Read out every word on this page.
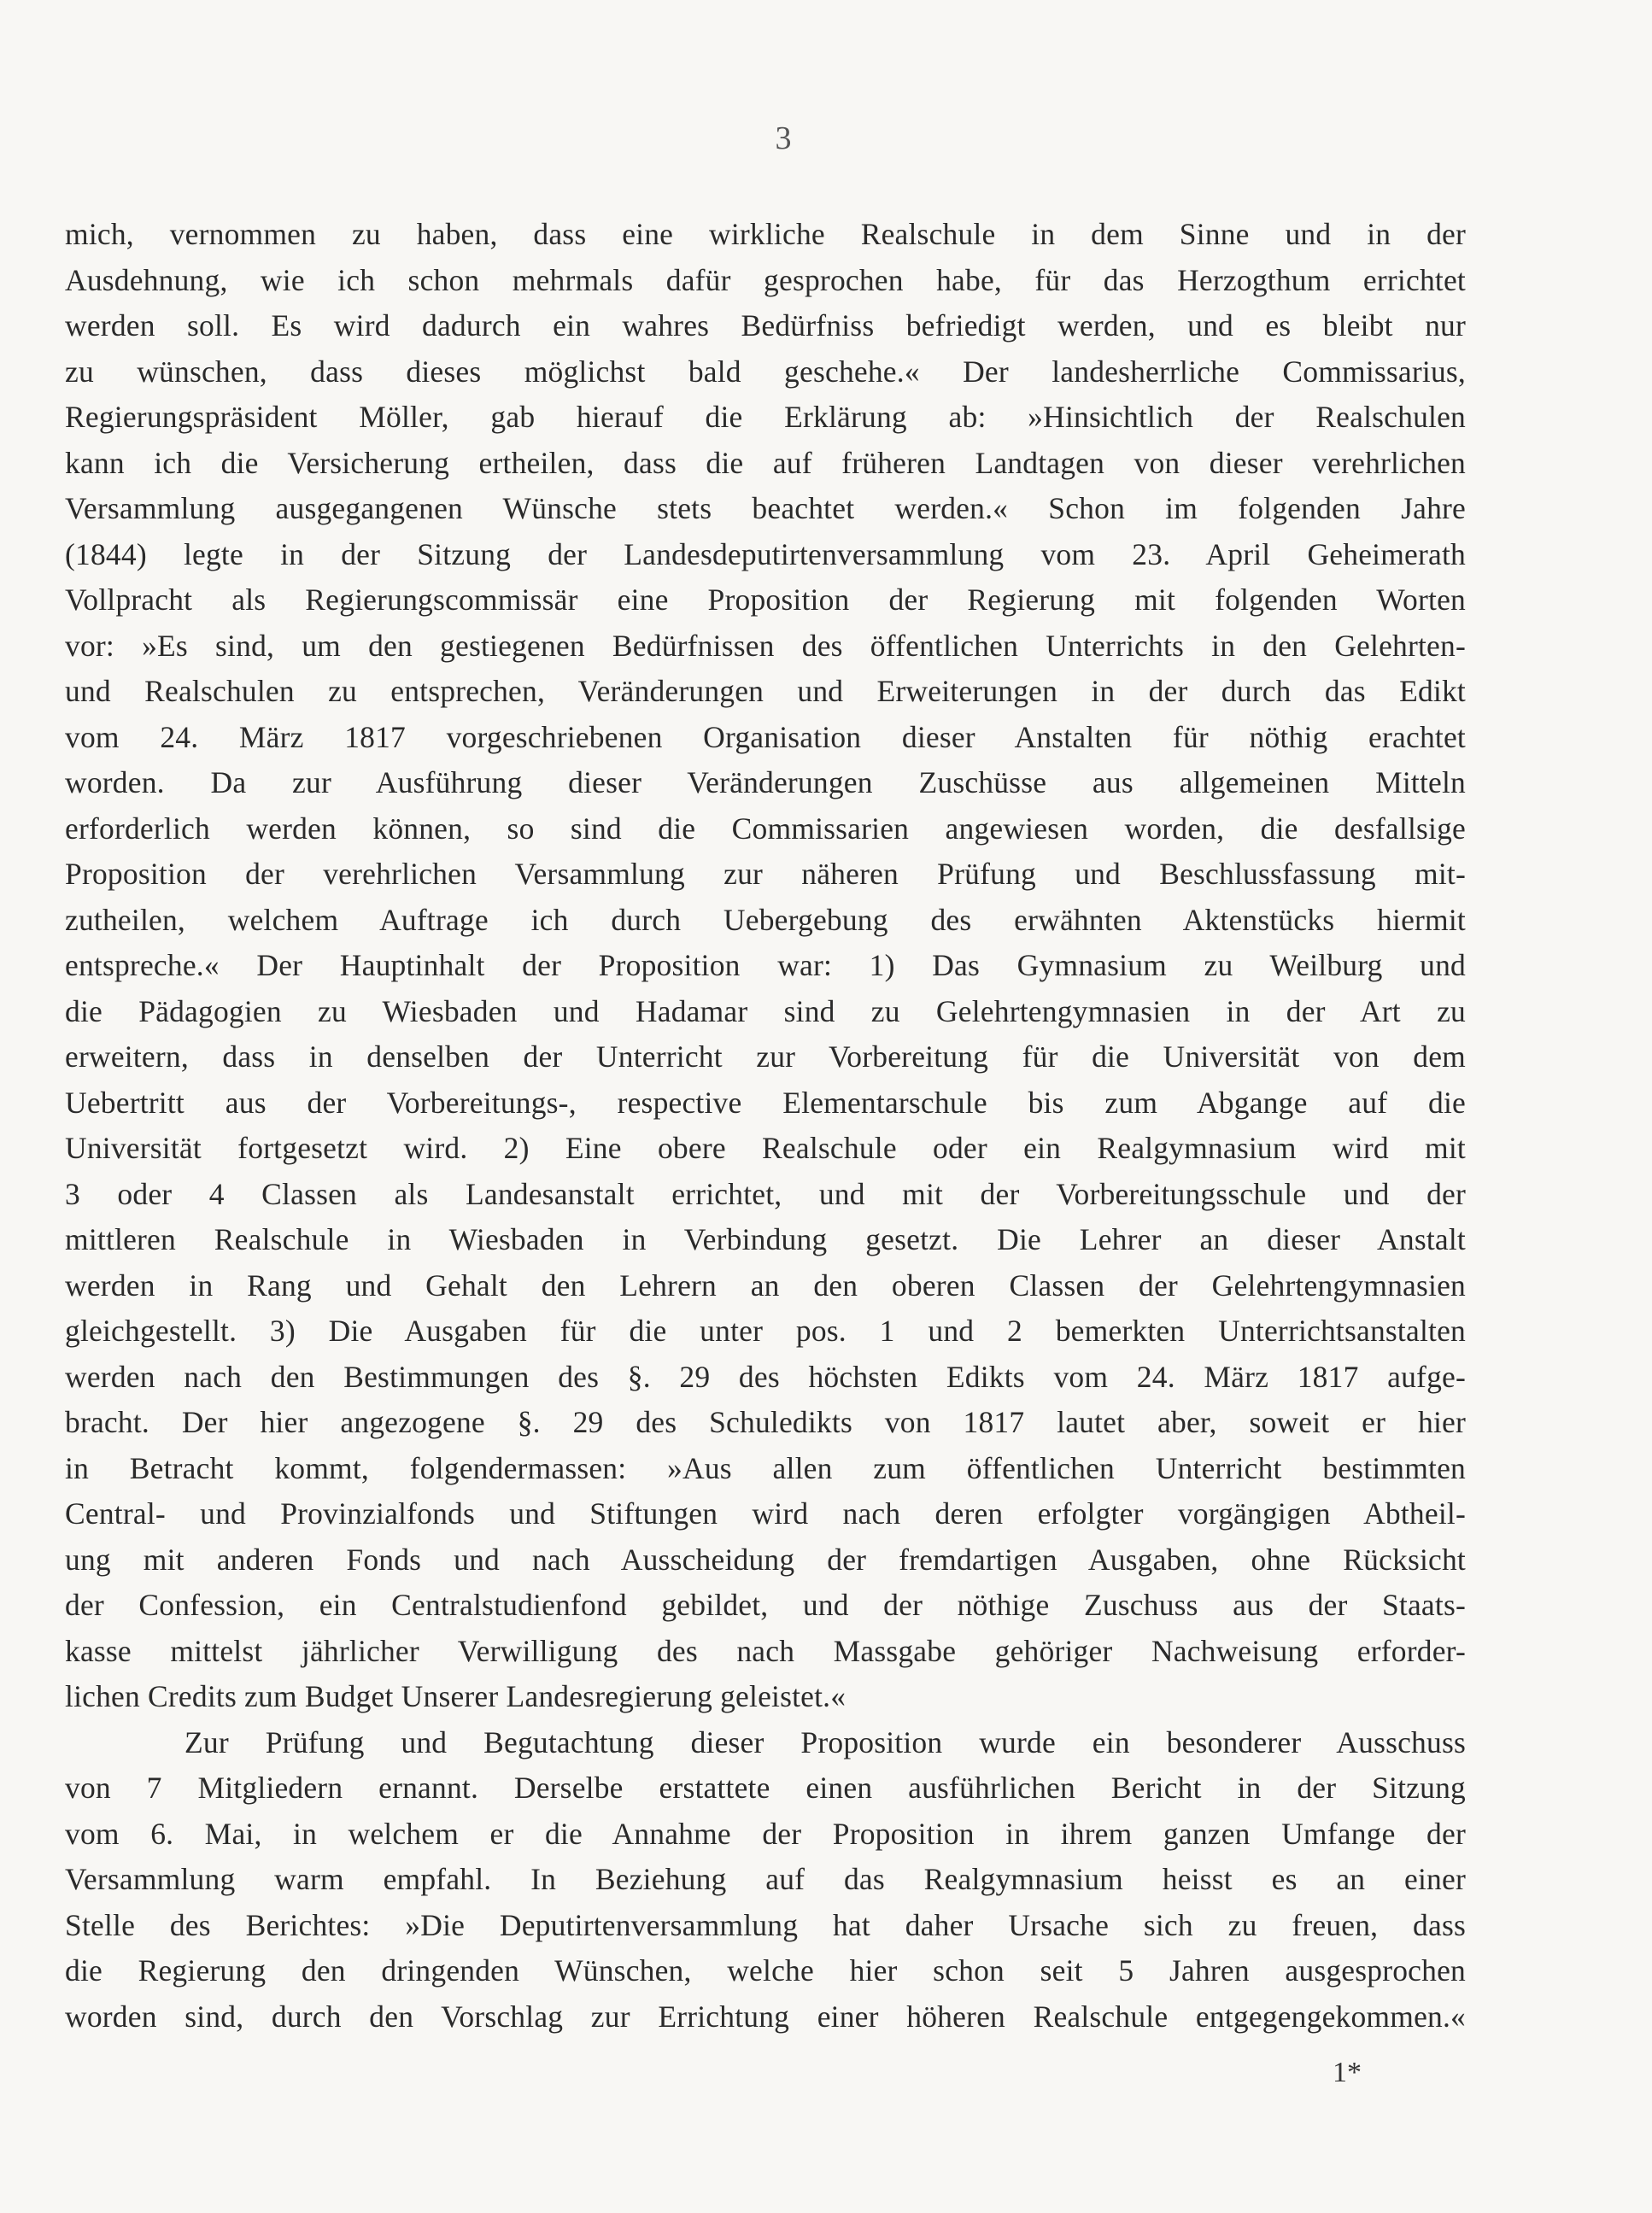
3
mich, vernommen zu haben, dass eine wirkliche Realschule in dem Sinne und in der
Ausdehnung, wie ich schon mehrmals dafür gesprochen habe, für das Herzogthum errichtet
werden soll. Es wird dadurch ein wahres Bedürfniss befriedigt werden, und es bleibt nur
zu wünschen, dass dieses möglichst bald geschehe.« Der landesherrliche Commissarius,
Regierungspräsident Möller, gab hierauf die Erklärung ab: »Hinsichtlich der Realschulen
kann ich die Versicherung ertheilen, dass die auf früheren Landtagen von dieser verehrlichen
Versammlung ausgegangenen Wünsche stets beachtet werden.« Schon im folgenden Jahre
(1844) legte in der Sitzung der Landesdeputirtenversammlung vom 23. April Geheimerath
Vollpracht als Regierungscommissär eine Proposition der Regierung mit folgenden Worten
vor: »Es sind, um den gestiegenen Bedürfnissen des öffentlichen Unterrichts in den Gelehrten-
und Realschulen zu entsprechen, Veränderungen und Erweiterungen in der durch das Edikt
vom 24. März 1817 vorgeschriebenen Organisation dieser Anstalten für nöthig erachtet
worden. Da zur Ausführung dieser Veränderungen Zuschüsse aus allgemeinen Mitteln
erforderlich werden können, so sind die Commissarien angewiesen worden, die desfallsige
Proposition der verehrlichen Versammlung zur näheren Prüfung und Beschlussfassung mit-
zutheilen, welchem Auftrage ich durch Uebergebung des erwähnten Aktenstücks hiermit
entspreche.« Der Hauptinhalt der Proposition war: 1) Das Gymnasium zu Weilburg und
die Pädagogien zu Wiesbaden und Hadamar sind zu Gelehrtengymnasien in der Art zu
erweitern, dass in denselben der Unterricht zur Vorbereitung für die Universität von dem
Uebertritt aus der Vorbereitungs-, respective Elementarschule bis zum Abgange auf die
Universität fortgesetzt wird. 2) Eine obere Realschule oder ein Realgymnasium wird mit
3 oder 4 Classen als Landesanstalt errichtet, und mit der Vorbereitungsschule und der
mittleren Realschule in Wiesbaden in Verbindung gesetzt. Die Lehrer an dieser Anstalt
werden in Rang und Gehalt den Lehrern an den oberen Classen der Gelehrtengymnasien
gleichgestellt. 3) Die Ausgaben für die unter pos. 1 und 2 bemerkten Unterrichtsanstalten
werden nach den Bestimmungen des §. 29 des höchsten Edikts vom 24. März 1817 aufge-
bracht. Der hier angezogene §. 29 des Schuledikts von 1817 lautet aber, soweit er hier
in Betracht kommt, folgendermassen: »Aus allen zum öffentlichen Unterricht bestimmten
Central- und Provinzialfonds und Stiftungen wird nach deren erfolgter vorgängigen Abtheil-
ung mit anderen Fonds und nach Ausscheidung der fremdartigen Ausgaben, ohne Rücksicht
der Confession, ein Centralstudienfond gebildet, und der nöthige Zuschuss aus der Staats-
kasse mittelst jährlicher Verwilligung des nach Massgabe gehöriger Nachweisung erforder-
lichen Credits zum Budget Unserer Landesregierung geleistet.«
Zur Prüfung und Begutachtung dieser Proposition wurde ein besonderer Ausschuss
von 7 Mitgliedern ernannt. Derselbe erstattete einen ausführlichen Bericht in der Sitzung
vom 6. Mai, in welchem er die Annahme der Proposition in ihrem ganzen Umfange der
Versammlung warm empfahl. In Beziehung auf das Realgymnasium heisst es an einer
Stelle des Berichtes: »Die Deputirtenversammlung hat daher Ursache sich zu freuen, dass
die Regierung den dringenden Wünschen, welche hier schon seit 5 Jahren ausgesprochen
worden sind, durch den Vorschlag zur Errichtung einer höheren Realschule entgegengekommen.«
1*
